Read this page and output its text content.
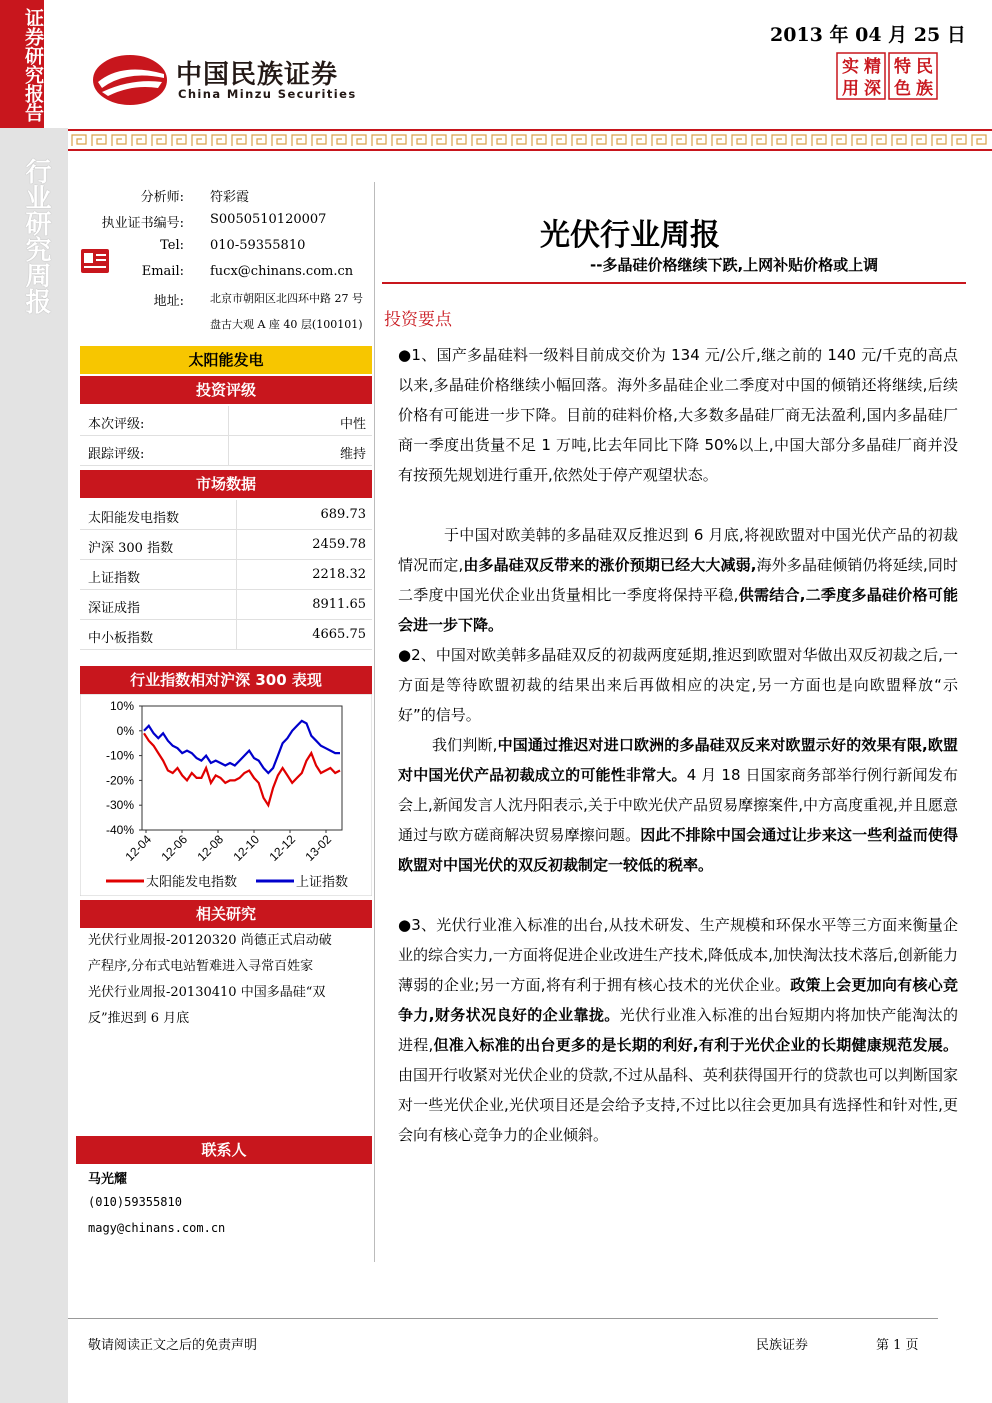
证券研究报告
行业研究周报
中国民族证券
China Minzu Securities
2013 年 04 月 25 日
实 精 特 民
用 深 色 族
分析师: 符彩霞
执业证书编号: S0050510120007
Tel: 010-59355810
Email: fucx@chinans.com.cn
地址: 北京市朝阳区北四环中路 27 号
盘古大观 A 座 40 层(100101)
太阳能发电
投资评级
本次评级:	中性
跟踪评级:	维持
市场数据
太阳能发电指数	689.73
沪深 300 指数	2459.78
上证指数	2218.32
深证成指	8911.65
中小板指数	4665.75
行业指数相对沪深 300 表现
10%
0%
-10%
-20%
-30%
-40%
12-04 12-06 12-08 12-10 12-12 13-02
太阳能发电指数	上证指数
相关研究
光伏行业周报-20120320 尚德正式启动破
产程序,分布式电站暂难进入寻常百姓家
光伏行业周报-20130410 中国多晶硅“双
反”推迟到 6 月底
联系人
马光耀
(010)59355810
magy@chinans.com.cn
光伏行业周报
--多晶硅价格继续下跌,上网补贴价格或上调
投资要点
●1、国产多晶硅料一级料目前成交价为 134 元/公斤,继之前的 140 元/千克的高点以来,多晶硅价格继续小幅回落。海外多晶硅企业二季度对中国的倾销还将继续,后续价格有可能进一步下降。目前的硅料价格,大多数多晶硅厂商无法盈利,国内多晶硅厂商一季度出货量不足 1 万吨,比去年同比下降 50%以上,中国大部分多晶硅厂商并没有按预先规划进行重开,依然处于停产观望状态。
于中国对欧美韩的多晶硅双反推迟到 6 月底,将视欧盟对中国光伏产品的初裁情况而定,由多晶硅双反带来的涨价预期已经大大减弱,海外多晶硅倾销仍将延续,同时二季度中国光伏企业出货量相比一季度将保持平稳,供需结合,二季度多晶硅价格可能会进一步下降。
●2、中国对欧美韩多晶硅双反的初裁两度延期,推迟到欧盟对华做出双反初裁之后,一方面是等待欧盟初裁的结果出来后再做相应的决定,另一方面也是向欧盟释放“示好”的信号。
我们判断,中国通过推迟对进口欧洲的多晶硅双反来对欧盟示好的效果有限,欧盟对中国光伏产品初裁成立的可能性非常大。4 月 18 日国家商务部举行例行新闻发布会上,新闻发言人沈丹阳表示,关于中欧光伏产品贸易摩擦案件,中方高度重视,并且愿意通过与欧方磋商解决贸易摩擦问题。因此不排除中国会通过让步来这一些利益而使得欧盟对中国光伏的双反初裁制定一较低的税率。
●3、光伏行业准入标准的出台,从技术研发、生产规模和环保水平等三方面来衡量企业的综合实力,一方面将促进企业改进生产技术,降低成本,加快淘汰技术落后,创新能力薄弱的企业;另一方面,将有利于拥有核心技术的光伏企业。政策上会更加向有核心竞争力,财务状况良好的企业靠拢。光伏行业准入标准的出台短期内将加快产能淘汰的进程,但准入标准的出台更多的是长期的利好,有利于光伏企业的长期健康规范发展。由国开行收紧对光伏企业的贷款,不过从晶科、英利获得国开行的贷款也可以判断国家对一些光伏企业,光伏项目还是会给予支持,不过比以往会更加具有选择性和针对性,更会向有核心竞争力的企业倾斜。
敬请阅读正文之后的免责声明	民族证券	第 1 页
